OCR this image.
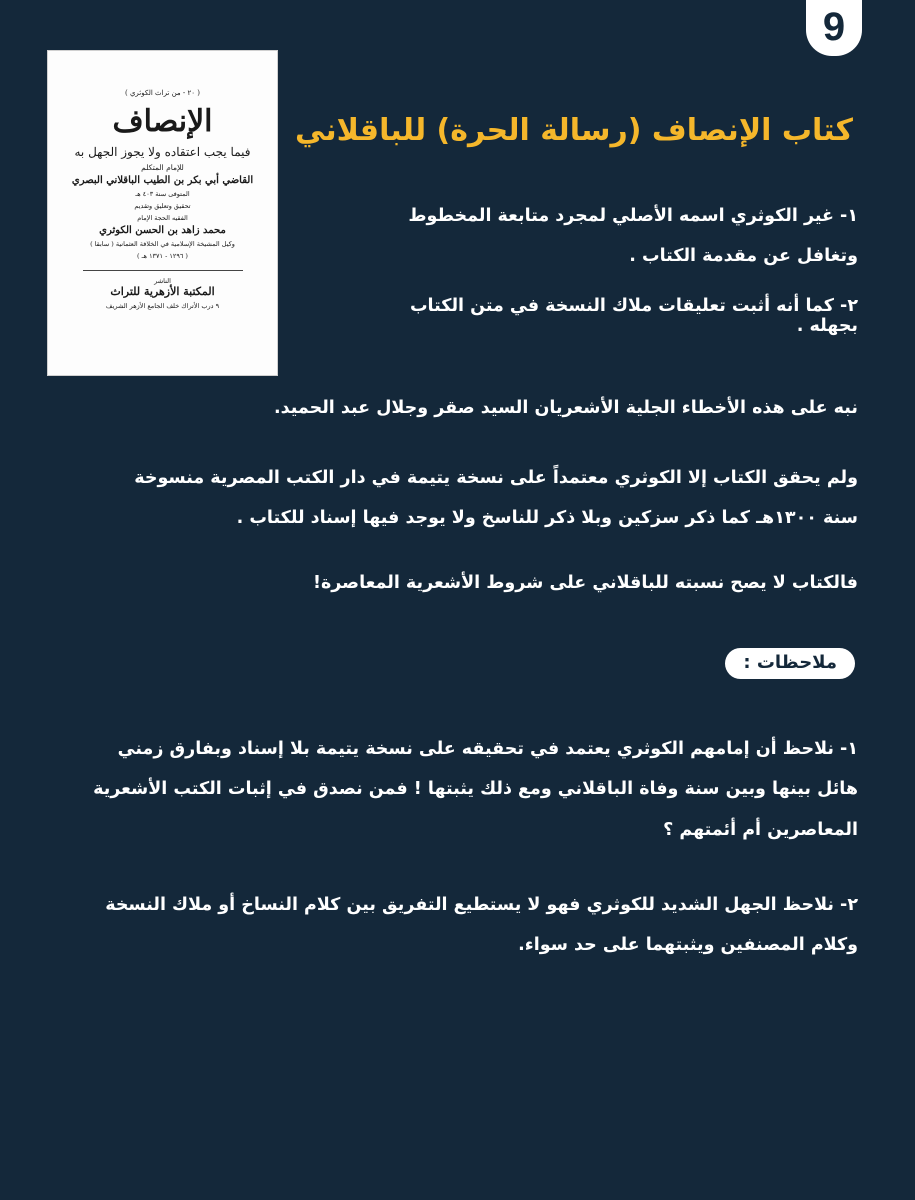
9
( ٢٠ - من تراث الكوثري )
الإنصاف
فيما يجب اعتقاده ولا يجوز الجهل به
للإمام المتكلم
القاضي أبي بكر بن الطيب الباقلاني البصري
المتوفى سنة ٤٠٣ هـ
تحقيق وتعليق وتقديم
الفقيه الحجة الإمام
محمد زاهد بن الحسن الكوثري
وكيل المشيخة الإسلامية في الخلافة العثمانية ( سابقا )
( ١٢٩٦ - ١٣٧١ هـ )
الناشر
المكتبة الأزهرية للتراث
٩ درب الأتراك خلف الجامع الأزهر الشريف
كتاب الإنصاف (رسالة الحرة) للباقلاني

١- غير الكوثري اسمه الأصلي لمجرد متابعة المخطوط
وتغافل عن مقدمة الكتاب .

٢- كما أنه أثبت تعليقات ملاك النسخة في متن الكتاب بجهله .

نبه على هذه الأخطاء الجلية الأشعريان السيد صقر وجلال عبد الحميد.

ولم يحقق الكتاب إلا الكوثري معتمداً على نسخة يتيمة في دار الكتب المصرية منسوخة
سنة ١٣٠٠هـ كما ذكر سزكين وبلا ذكر للناسخ ولا يوجد فيها إسناد للكتاب .

فالكتاب لا يصح نسبته للباقلاني على شروط الأشعرية المعاصرة!

ملاحظات :

١- نلاحظ أن إمامهم الكوثري يعتمد في تحقيقه على نسخة يتيمة بلا إسناد وبفارق زمني
هائل بينها وبين سنة وفاة الباقلاني ومع ذلك يثبتها ! فمن نصدق في إثبات الكتب الأشعرية
المعاصرين أم أئمتهم ؟

٢- نلاحظ الجهل الشديد للكوثري فهو لا يستطيع التفريق بين كلام النساخ أو ملاك النسخة
وكلام المصنفين ويثبتهما على حد سواء.
